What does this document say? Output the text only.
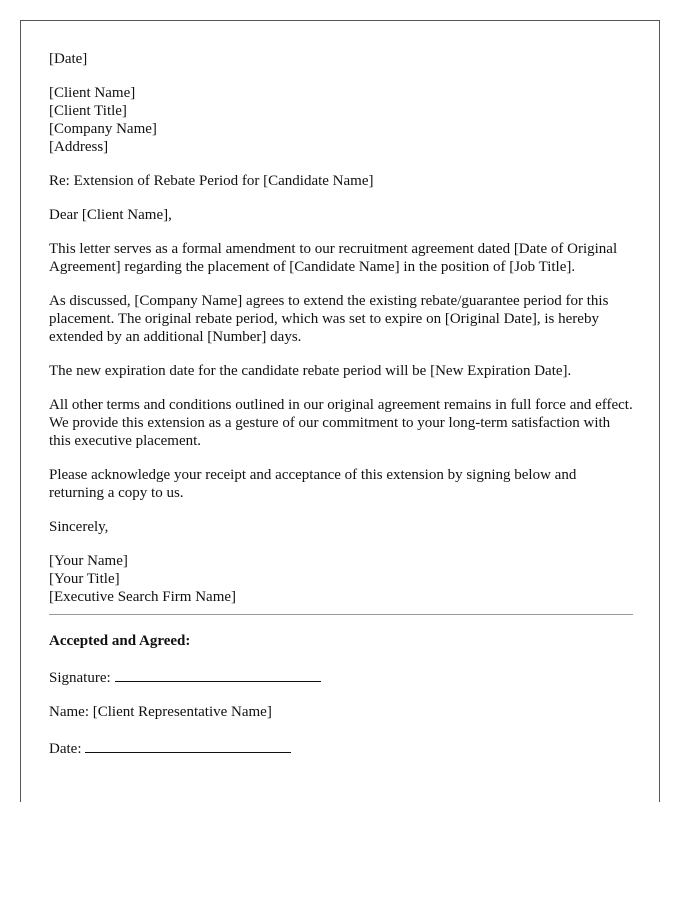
[Date]

[Client Name]
[Client Title]
[Company Name]
[Address]

Re: Extension of Rebate Period for [Candidate Name]

Dear [Client Name],

This letter serves as a formal amendment to our recruitment agreement dated [Date of Original Agreement] regarding the placement of [Candidate Name] in the position of [Job Title].

As discussed, [Company Name] agrees to extend the existing rebate/guarantee period for this placement. The original rebate period, which was set to expire on [Original Date], is hereby extended by an additional [Number] days.

The new expiration date for the candidate rebate period will be [New Expiration Date].

All other terms and conditions outlined in our original agreement remains in full force and effect. We provide this extension as a gesture of our commitment to your long-term satisfaction with this executive placement.

Please acknowledge your receipt and acceptance of this extension by signing below and returning a copy to us.

Sincerely,

[Your Name]
[Your Title]
[Executive Search Firm Name]

Accepted and Agreed:

Signature:

Name: [Client Representative Name]

Date:
